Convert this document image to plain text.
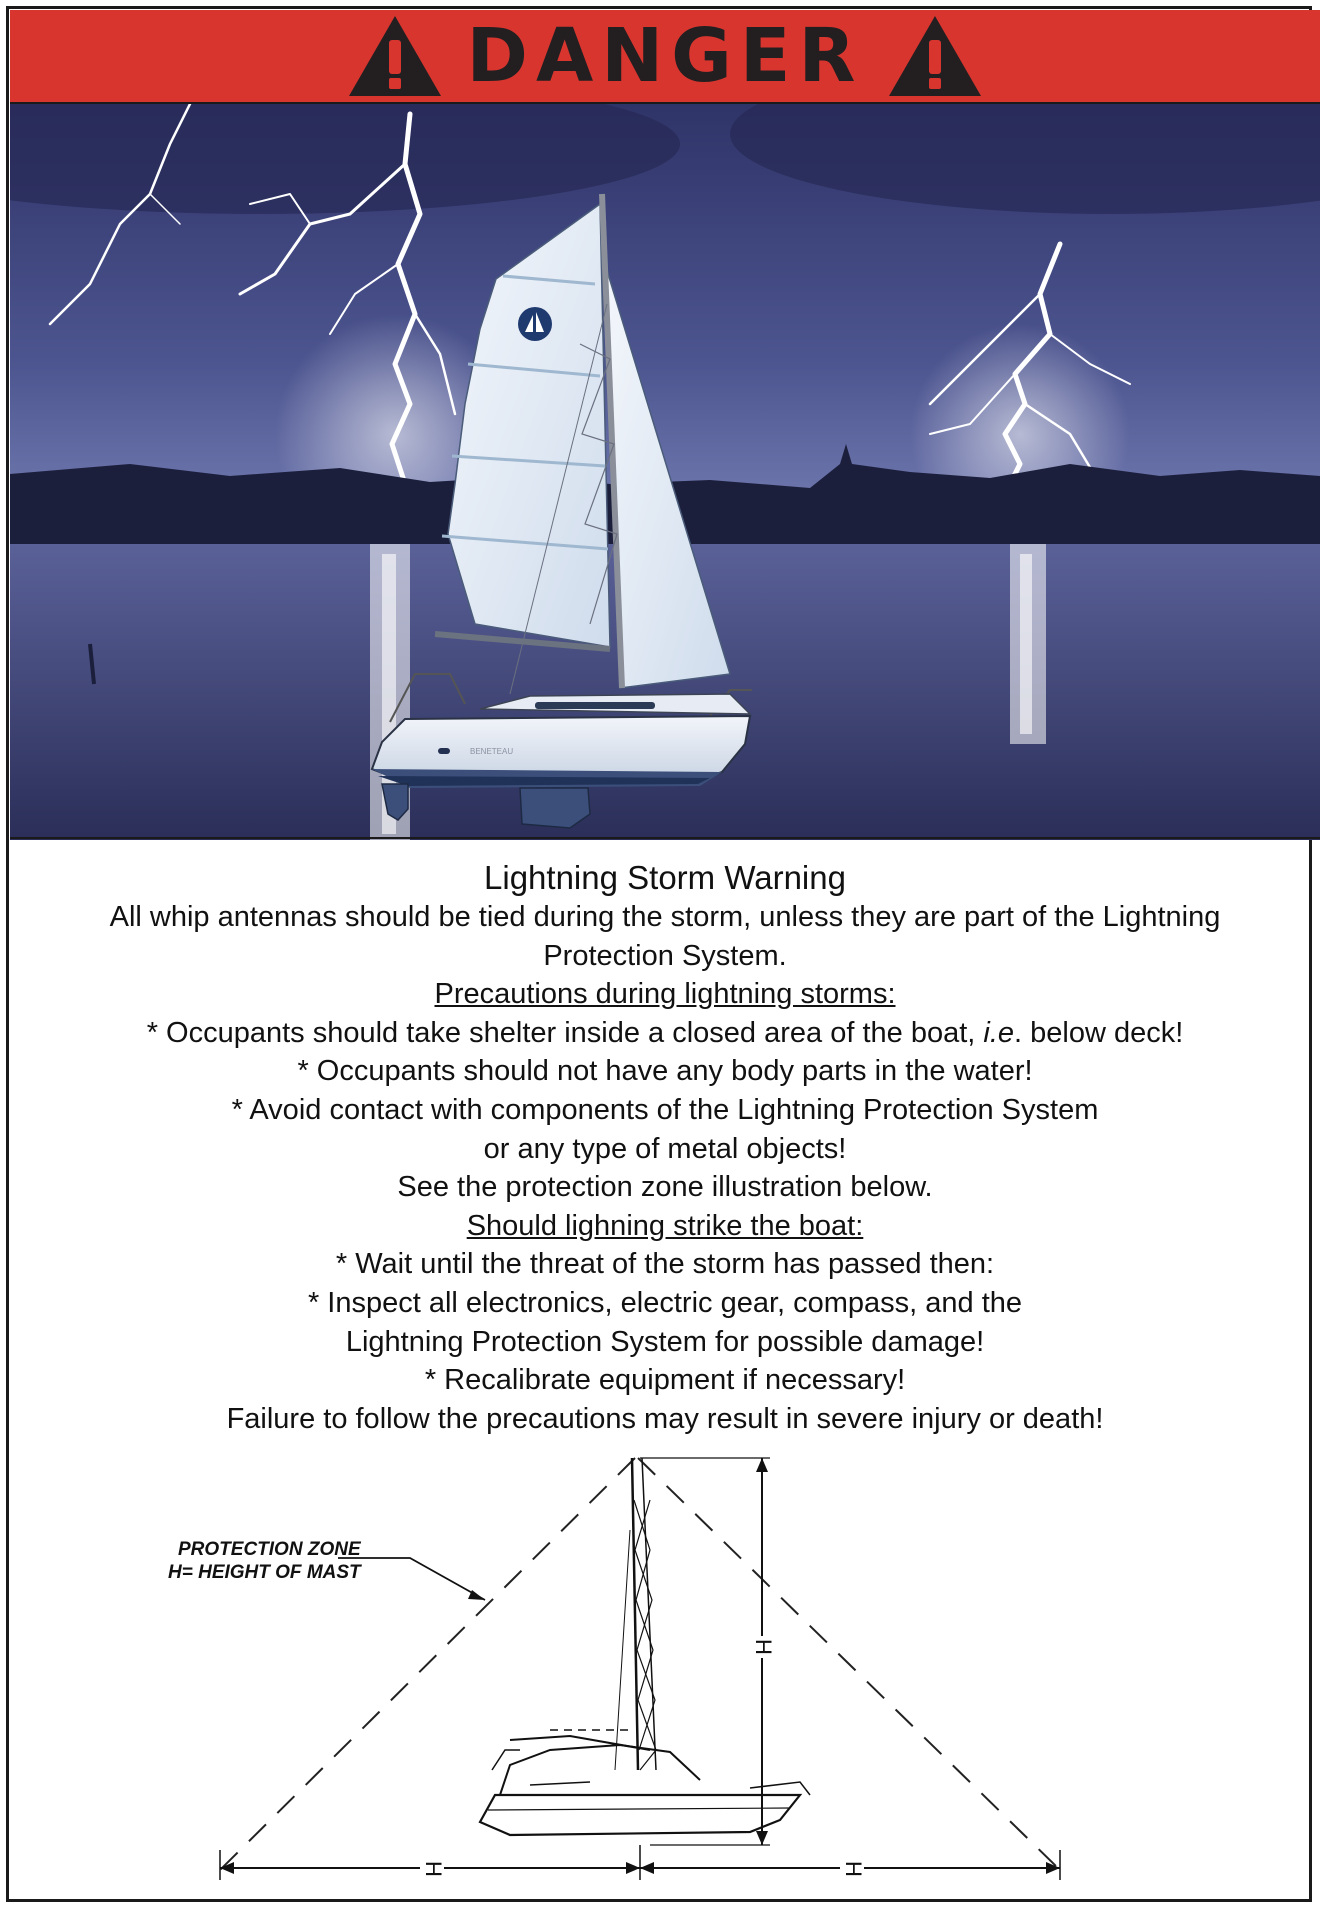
DANGER
BENETEAU

Lightning Storm Warning

All whip antennas should be tied during the storm, unless they are part of the Lightning

Protection System.

Precautions during lightning storms:

* Occupants should take shelter inside a closed area of the boat, i.e. below deck!

* Occupants should not have any body parts in the water!

* Avoid contact with components of the Lightning Protection System

or any type of metal objects!

See the protection zone illustration below.

Should lighning strike the boat:

* Wait until the threat of the storm has passed then:

* Inspect all electronics, electric gear, compass, and the

Lightning Protection System for possible damage!

* Recalibrate equipment if necessary!

Failure to follow the precautions may result in severe injury or death!

PROTECTION ZONE
H= HEIGHT OF MAST
H
H	H
